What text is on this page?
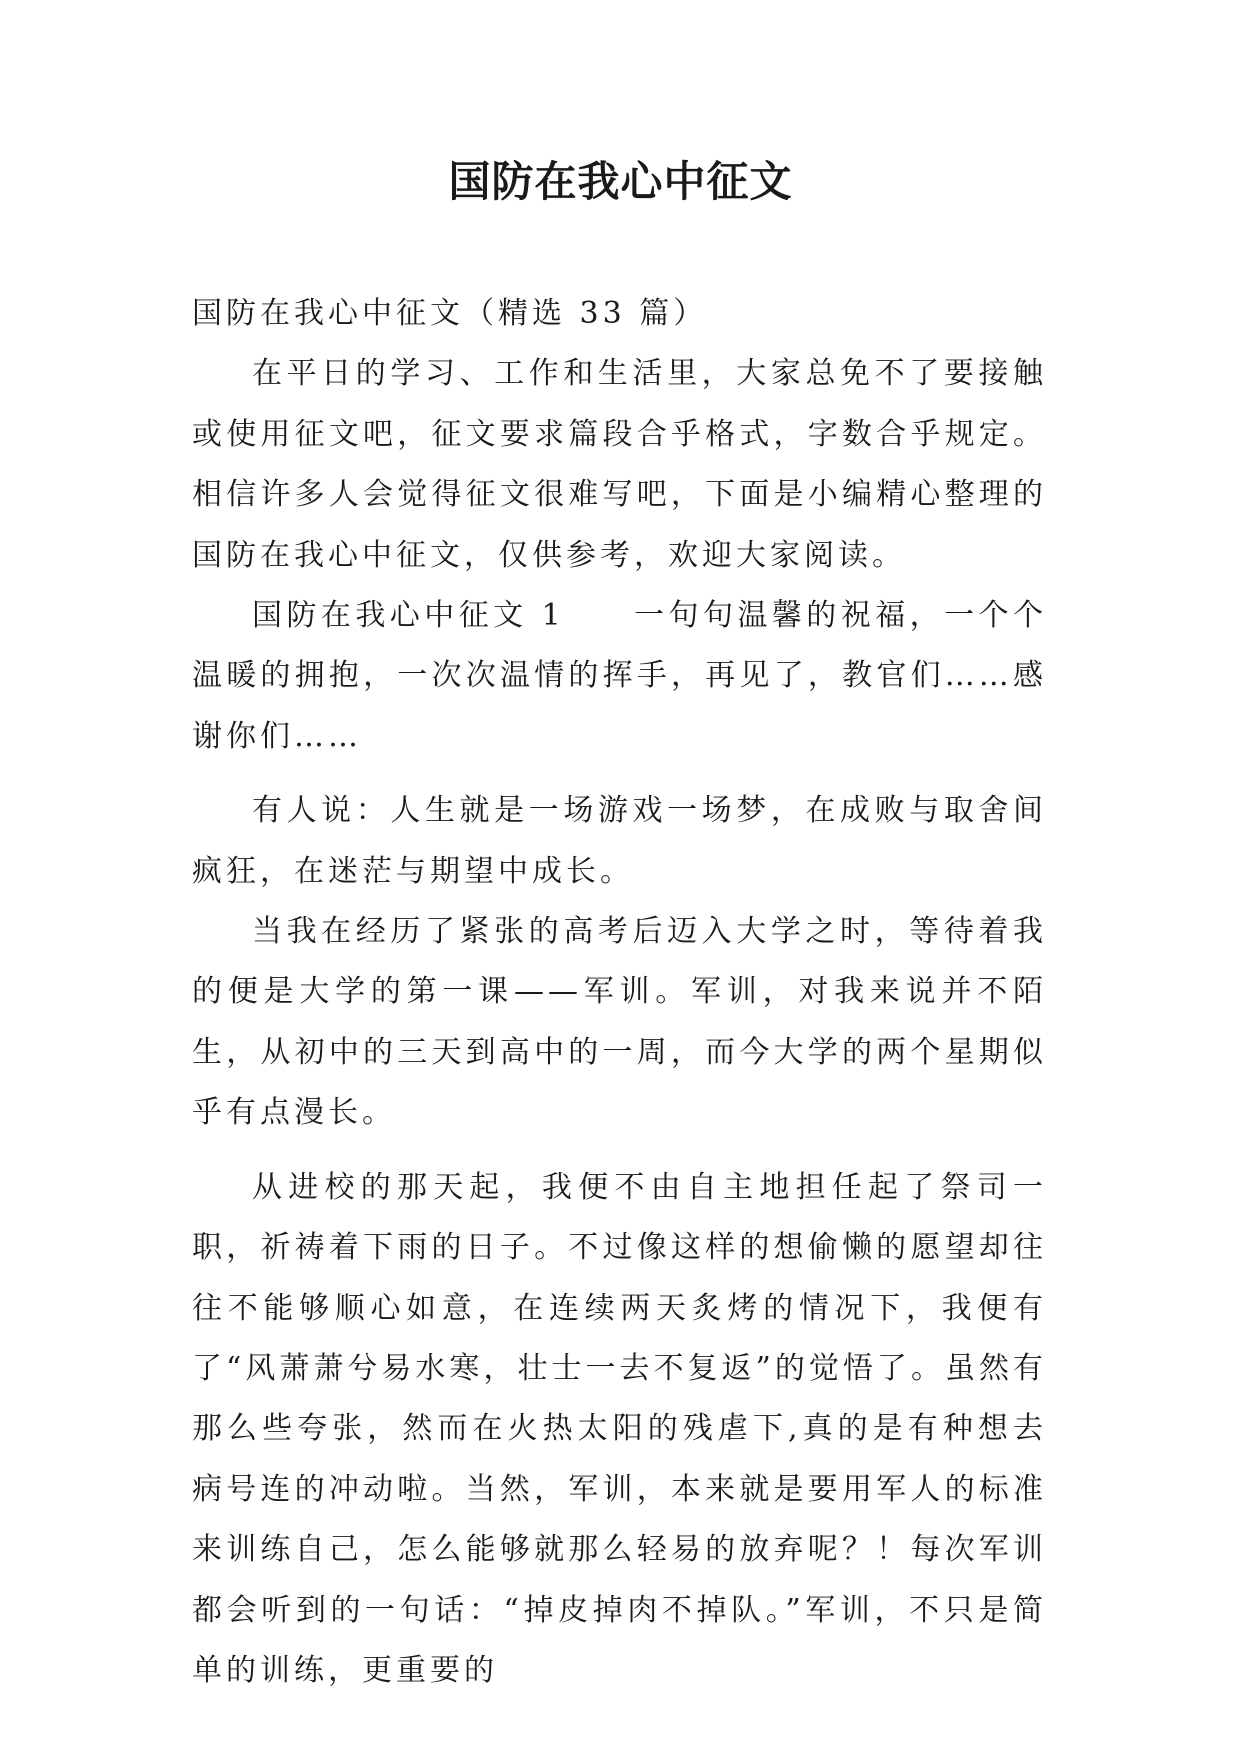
国防在我心中征文

国防在我心中征文（精选 33 篇）

在平日的学习、工作和生活里，大家总免不了要接触或使用征文吧，征文要求篇段合乎格式，字数合乎规定。相信许多人会觉得征文很难写吧，下面是小编精心整理的国防在我心中征文，仅供参考，欢迎大家阅读。

国防在我心中征文 1　　一句句温馨的祝福，一个个温暖的拥抱，一次次温情的挥手，再见了，教官们……感谢你们……

有人说：人生就是一场游戏一场梦，在成败与取舍间疯狂，在迷茫与期望中成长。

当我在经历了紧张的高考后迈入大学之时，等待着我的便是大学的第一课——军训。军训，对我来说并不陌生，从初中的三天到高中的一周，而今大学的两个星期似乎有点漫长。

从进校的那天起，我便不由自主地担任起了祭司一职，祈祷着下雨的日子。不过像这样的想偷懒的愿望却往往不能够顺心如意，在连续两天炙烤的情况下，我便有了“风萧萧兮易水寒，壮士一去不复返”的觉悟了。虽然有那么些夸张，然而在火热太阳的残虐下,真的是有种想去病号连的冲动啦。当然，军训，本来就是要用军人的标准来训练自己，怎么能够就那么轻易的放弃呢？！每次军训都会听到的一句话：“掉皮掉肉不掉队。”军训，不只是简单的训练，更重要的
